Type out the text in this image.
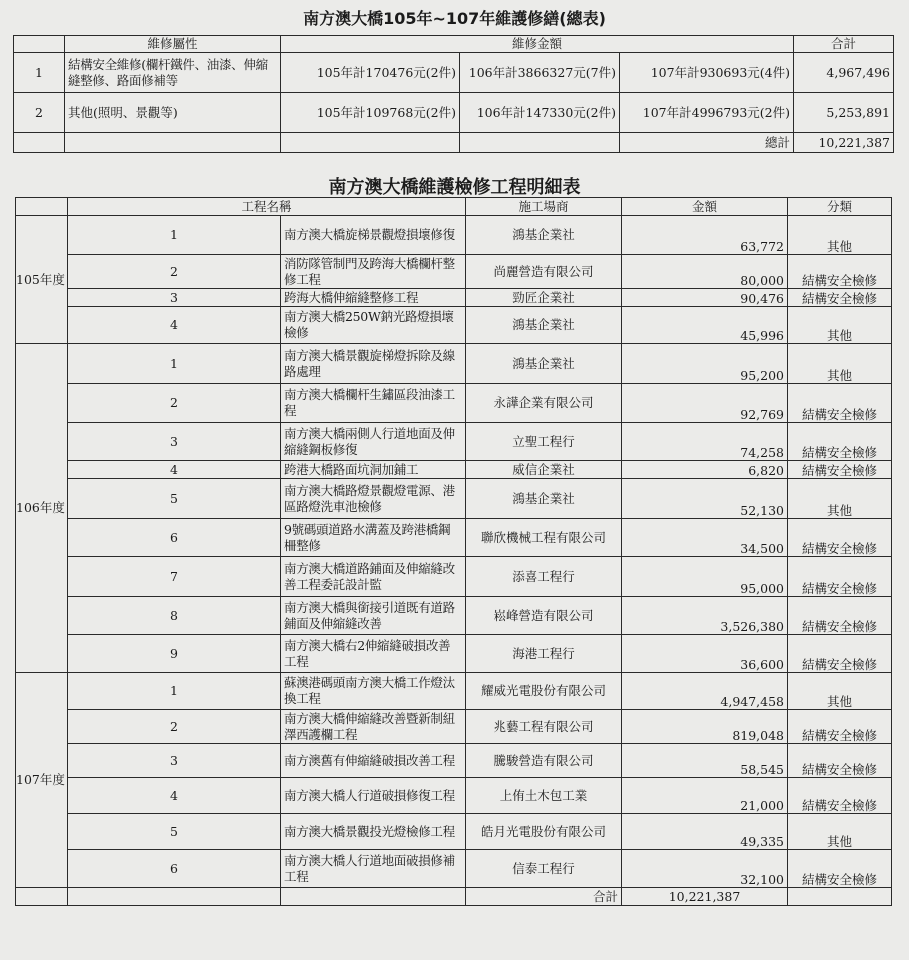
南方澳大橋105年~107年維護修繕(總表)
	維修屬性	維修金額			合計
1	結構安全維修(欄杆鐵件、油漆、伸縮縫整修、路面修補等	105年計170476元(2件)	106年計3866327元(7件)	107年計930693元(4件)	4,967,496
2	其他(照明、景觀等)	105年計109768元(2件)	106年計147330元(2件)	107年計4996793元(2件)	5,253,891
				總計	10,221,387
南方澳大橋維護檢修工程明細表
	工程名稱		施工場商	金額	分類
105年度	1	南方澳大橋旋梯景觀燈損壞修復	鴻基企業社	63,772	其他
	2	消防隊管制門及跨海大橋欄杆整修工程	尚麗營造有限公司	80,000	結構安全檢修
	3	跨海大橋伸縮縫整修工程	勁匠企業社	90,476	結構安全檢修
	4	南方澳大橋250W鈉光路燈損壞檢修	鴻基企業社	45,996	其他
106年度	1	南方澳大橋景觀旋梯燈拆除及線路處理	鴻基企業社	95,200	其他
	2	南方澳大橋欄杆生鏽區段油漆工程	永譁企業有限公司	92,769	結構安全檢修
	3	南方澳大橋兩側人行道地面及伸縮縫鋼板修復	立聖工程行	74,258	結構安全檢修
	4	跨港大橋路面坑洞加鋪工	威信企業社	6,820	結構安全檢修
	5	南方澳大橋路燈景觀燈電源、港區路燈洗車池檢修	鴻基企業社	52,130	其他
	6	9號碼頭道路水溝蓋及跨港橋鋼柵整修	聯欣機械工程有限公司	34,500	結構安全檢修
	7	南方澳大橋道路鋪面及伸縮縫改善工程委託設計監	添喜工程行	95,000	結構安全檢修
	8	南方澳大橋與銜接引道既有道路鋪面及伸縮縫改善	崧峰營造有限公司	3,526,380	結構安全檢修
	9	南方澳大橋右2伸縮縫破損改善工程	海港工程行	36,600	結構安全檢修
107年度	1	蘇澳港碼頭南方澳大橋工作燈汰換工程	耀威光電股份有限公司	4,947,458	其他
	2	南方澳大橋伸縮縫改善暨新制紐澤西護欄工程	兆藝工程有限公司	819,048	結構安全檢修
	3	南方澳舊有伸縮縫破損改善工程	騰駿營造有限公司	58,545	結構安全檢修
	4	南方澳大橋人行道破損修復工程	上侑土木包工業	21,000	結構安全檢修
	5	南方澳大橋景觀投光燈檢修工程	皓月光電股份有限公司	49,335	其他
	6	南方澳大橋人行道地面破損修補工程	信泰工程行	32,100	結構安全檢修
			合計	10,221,387	
